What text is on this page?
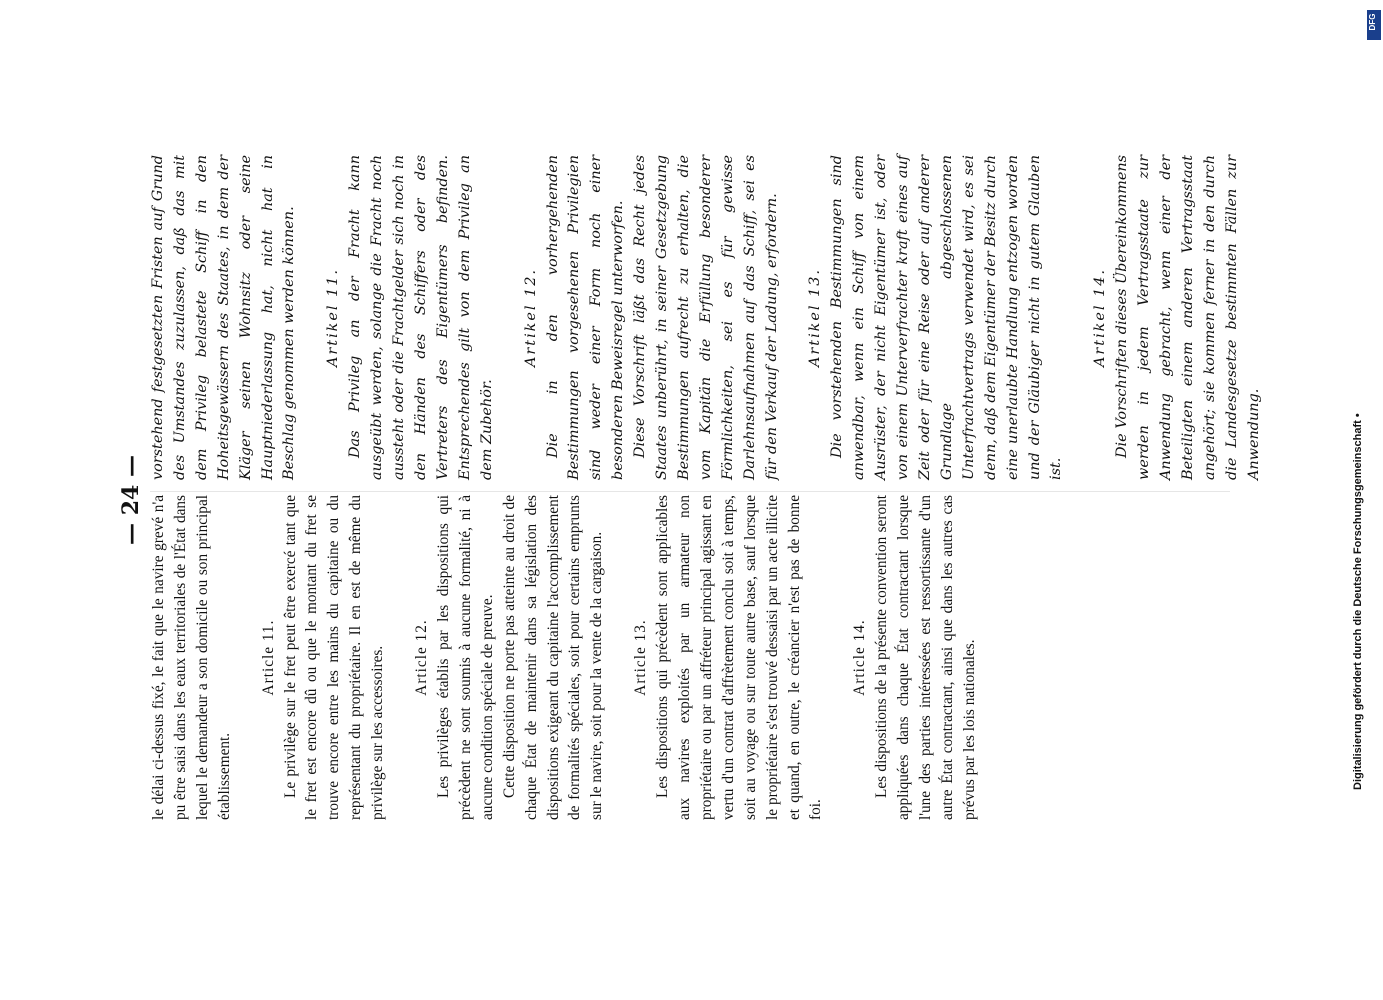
— 24 — le délai ci-dessus fixé, le fait que le navire grevé n'a pu être saisi dans les eaux territoriales de l'État dans lequel le demandeur a son domicile ou son principal établissement.

Article 11. Le privilège sur le fret peut être exercé tant que le fret est encore dû ou que le montant du fret se trouve encore entre les mains du capitaine ou du représentant du propriétaire. Il en est de même du privilège sur les accessoires. Article 12. Les privilèges établis par les dispositions qui précèdent ne sont soumis à aucune formalité, ni à aucune condition spéciale de preuve. Cette disposition ne porte pas atteinte au droit de chaque État de maintenir dans sa législation des dispositions exigeant du capitaine l'accomplissement de formalités spéciales, soit pour certains emprunts sur le navire, soit pour la vente de la cargaison. Article 13. Les dispositions qui précèdent sont applicables aux navires exploités par un armateur non propriétaire ou par un affréteur principal agissant en vertu d'un contrat d'affrètement conclu soit à temps, soit au voyage ou sur toute autre base, sauf lorsque le propriétaire s'est trouvé dessaisi par un acte illicite et quand, en outre, le créancier n'est pas de bonne foi.

Article 14. Les dispositions de la présente convention seront appliquées dans chaque État contractant lorsque l'une des parties intéressées est ressortissante d'un autre État contractant, ainsi que dans les autres cas prévus par les lois nationales.

vorstehend festgesetzten Fristen auf Grund des Umstandes zuzulassen, daß das mit dem Privileg belastete Schiff in den Hoheitsgewässern des Staates, in dem der Kläger seinen Wohnsitz oder seine Hauptniederlassung hat, nicht hat in Beschlag genommen werden können. Artikel 11. Das Privileg an der Fracht kann ausgeübt werden, solange die Fracht noch aussteht oder die Frachtgelder sich noch in den Händen des Schiffers oder des Vertreters des Eigentümers befinden. Entsprechendes gilt von dem Privileg an dem Zubehör.

Artikel 12. Die in den vorhergehenden Bestimmungen vorgesehenen Privilegien sind weder einer Form noch einer besonderen Beweisregel unterworfen. Diese Vorschrift läßt das Recht jedes Staates unberührt, in seiner Gesetzgebung Bestimmungen aufrecht zu erhalten, die vom Kapitän die Erfüllung besonderer Förmlichkeiten, sei es für gewisse Darlehnsaufnahmen auf das Schiff, sei es für den Verkauf der Ladung, erfordern. Artikel 13. Die vorstehenden Bestimmungen sind anwendbar, wenn ein Schiff von einem Ausrüster, der nicht Eigentümer ist, oder von einem Unterverfrachter kraft eines auf Zeit oder für eine Reise oder auf anderer Grundlage abgeschlossenen Unterfrachtvertrags verwendet wird, es sei denn, daß dem Eigentümer der Besitz durch eine unerlaubte Handlung entzogen worden und der Gläubiger nicht in gutem Glauben ist.

Artikel 14. Die Vorschriften dieses Übereinkommens werden in jedem Vertragsstaate zur Anwendung gebracht, wenn einer der Beteiligten einem anderen Vertragsstaat angehört; sie kommen ferner in den durch die Landesgesetze bestimmten Fällen zur Anwendung.	Digitalisierung gefördert durch die Deutsche Forschungsgemeinschaft •
DFG
